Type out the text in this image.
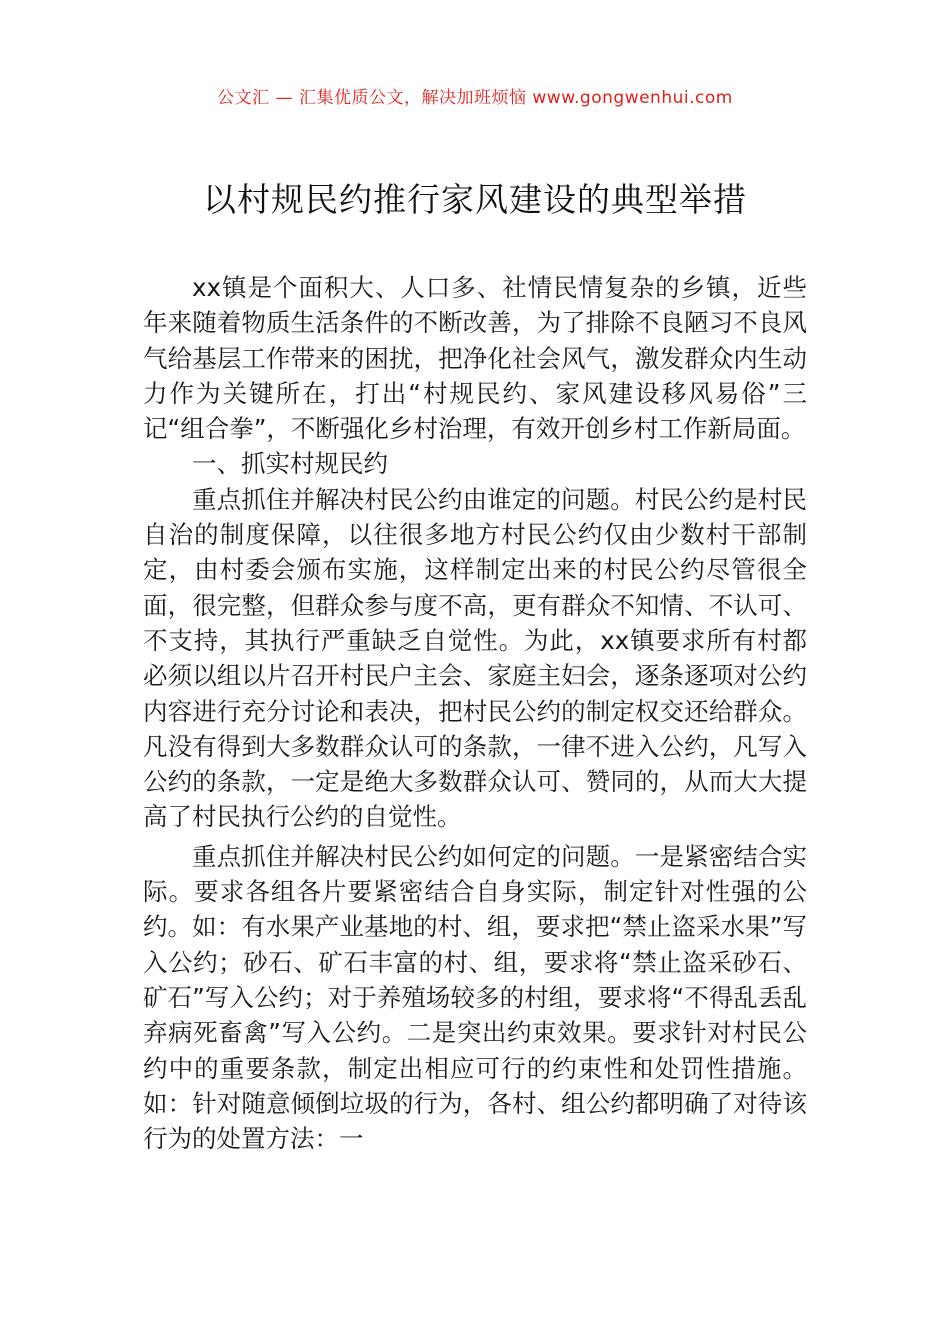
公文汇 — 汇集优质公文，解决加班烦恼 www.gongwenhui.com
以村规民约推行家风建设的典型举措

xx镇是个面积大、人口多、社情民情复杂的乡镇，近些年来随着物质生活条件的不断改善，为了排除不良陋习不良风气给基层工作带来的困扰，把净化社会风气，激发群众内生动力作为关键所在，打出“村规民约、家风建设移风易俗”三记“组合拳”，不断强化乡村治理，有效开创乡村工作新局面。

一、抓实村规民约

重点抓住并解决村民公约由谁定的问题。村民公约是村民自治的制度保障，以往很多地方村民公约仅由少数村干部制定，由村委会颁布实施，这样制定出来的村民公约尽管很全面，很完整，但群众参与度不高，更有群众不知情、不认可、不支持，其执行严重缺乏自觉性。为此，xx镇要求所有村都必须以组以片召开村民户主会、家庭主妇会，逐条逐项对公约内容进行充分讨论和表决，把村民公约的制定权交还给群众。凡没有得到大多数群众认可的条款，一律不进入公约，凡写入公约的条款，一定是绝大多数群众认可、赞同的，从而大大提高了村民执行公约的自觉性。

重点抓住并解决村民公约如何定的问题。一是紧密结合实际。要求各组各片要紧密结合自身实际，制定针对性强的公约。如：有水果产业基地的村、组，要求把“禁止盗采水果”写入公约；砂石、矿石丰富的村、组，要求将“禁止盗采砂石、矿石”写入公约；对于养殖场较多的村组，要求将“不得乱丢乱弃病死畜禽”写入公约。二是突出约束效果。要求针对村民公约中的重要条款，制定出相应可行的约束性和处罚性措施。如：针对随意倾倒垃圾的行为，各村、组公约都明确了对待该行为的处置方法：一
